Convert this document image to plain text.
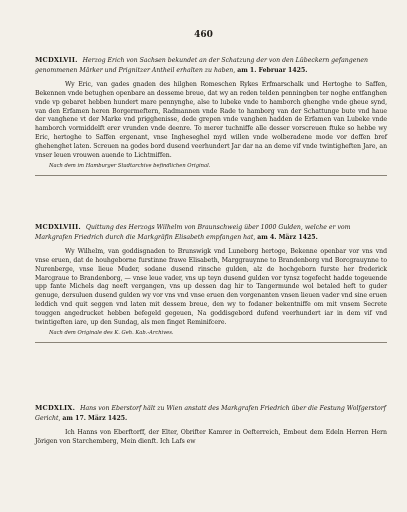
460

MCDXLVII. Herzog Erich von Sachsen bekundet an der Schatzung der von den Lübeckern gefangenen genommenen Märker und Prignitzer Antheil erhalten zu haben, am 1. Februar 1425.

Wy Eric, van gades gnaden des hilghen Romeschen Rykes Erfmarschalk und Hertoghe to Saffen, Bekennen vnde betughen openbare an desseme breue, dat wy an reden telden penningben ter noghe entfanghen vnde vp gebaret hebben hundert mare pennynghe, alse to lubeke vnde to hamborch ghenghe vnde gheue synd, van den Erfamen heren Borgermeftern, Radmannen vnde Rade to hamborg van der Schattunge bute vnd haue der vanghene vt der Marke vnd prigghenisse, dede grepen vnde vanghen hadden de Erfamen van Lubeke vnde hamborch vormiddelft erer vrunden vnde deenre. To merer tuchniffe alle desser vorscreuen ftuke so hebbe wy Eric, hertoghe to Saffen ergenant, vnse Ingheseghel myd willen vnde wolberadene mode vor deffen bref ghehenghet laten. Screuen na godes bord dusend veerhundert Jar dar na an deme vif vnde twintigheften Jare, an vnser leuen vrouwen auende to Lichtmiffen.

Nach dem im Hamburger Stadtarchive befindlichen Original.

MCDXLVIII. Quittung des Herzogs Wilhelm von Braunschweig über 1000 Gulden, welche er vom Markgrafen Friedrich durch die Markgräfin Elisabeth empfangen hat, am 4. März 1425.

Wy Wilhelm, van goddisgnaden to Brunswigk vnd Luneborg hertoge, Bekenne openbar vor vns vnd vnse eruen, dat de houhgeborne furstinne frawe Elisabeth, Marggrauynne to Brandenborg vnd Borcgrauynne to Nurenberge, vnse lieue Muder, sodane dusend rinsche gulden, alz de hochgeborn furste her frederick Marcgraue to Brandenborg, — vnse leue vader, vns up teyn dusend gulden vor tynsz togefecht hadde togeuende upp fante Michels dag neeft vergangen, vns up dessen dag hir to Tangermunde wol betaled heft to guder genuge, dersuluen dusend gulden wy vor vns vnd vnse eruen den vorgenanten vnsen lieuen vader vnd sine eruen leddich vnd quit seggen vnd laten mit dessem breue, den wy to fodaner bekentniffe om mit vnsem Secrete touggen angedrucket hebben befegeld gegeuen, Na goddisgebord dufend veerhundert iar in dem vif vnd twintigeften iare, up den Sundag, als men finget Reminifcere.

Nach dem Originale des K. Geh. Kab.-Archives.

MCDXLIX. Hans von Eberstorf hält zu Wien anstatt des Markgrafen Friedrich über die Festung Wolfgerstorf Gericht, am 17. März 1425.

Ich Hanns von Eberftorff, der Elter, Obrifter Kamrer in Oefterreich, Embeut dem Edeln Herren Hern Jörigen von Starchemberg, Mein dienft. Ich Lafs ew
